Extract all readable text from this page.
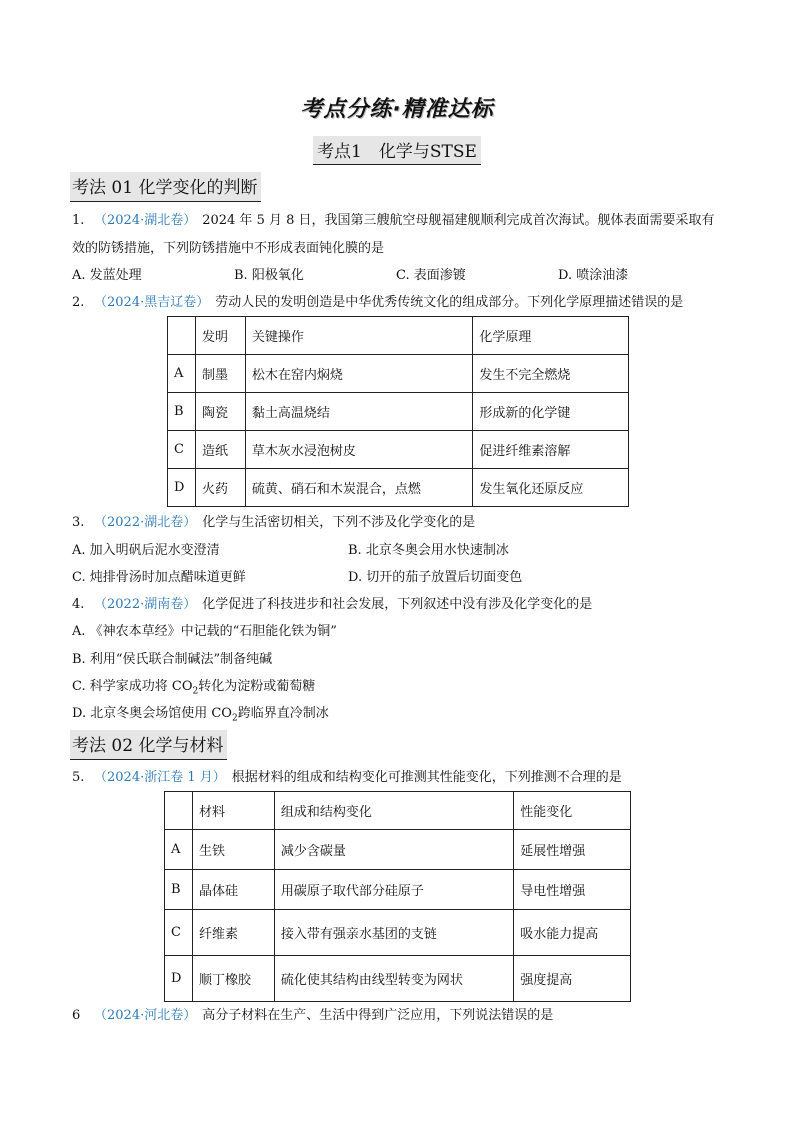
考点分练·精准达标
考点1　化学与STSE
考法 01 化学变化的判断
1. （2024·湖北卷） 2024 年 5 月 8 日，我国第三艘航空母舰福建舰顺利完成首次海试。舰体表面需要采取有
效的防锈措施，下列防锈措施中不形成表面钝化膜的是
A. 发蓝处理	B. 阳极氧化	C. 表面渗镀	D. 喷涂油漆
2. （2024·黑吉辽卷） 劳动人民的发明创造是中华优秀传统文化的组成部分。下列化学原理描述错误的是
	发明	关键操作	化学原理
A	制墨	松木在窑内焖烧	发生不完全燃烧
B	陶瓷	黏土高温烧结	形成新的化学键
C	造纸	草木灰水浸泡树皮	促进纤维素溶解
D	火药	硫黄、硝石和木炭混合，点燃	发生氧化还原反应
3. （2022·湖北卷） 化学与生活密切相关，下列不涉及化学变化的是
A. 加入明矾后泥水变澄清	B. 北京冬奥会用水快速制冰
C. 炖排骨汤时加点醋味道更鲜	D. 切开的茄子放置后切面变色
4. （2022·湖南卷） 化学促进了科技进步和社会发展，下列叙述中没有涉及化学变化的是
A. 《神农本草经》中记载的“石胆能化铁为铜”
B. 利用“侯氏联合制碱法”制备纯碱
C. 科学家成功将 $CO_2$转化为淀粉或葡萄糖
D. 北京冬奥会场馆使用 $CO_2$跨临界直冷制冰
考法 02 化学与材料
5. （2024·浙江卷 1 月） 根据材料的组成和结构变化可推测其性能变化，下列推测不合理的是
	材料	组成和结构变化	性能变化
A	生铁	减少含碳量	延展性增强
B	晶体硅	用碳原子取代部分硅原子	导电性增强
C	纤维素	接入带有强亲水基团的支链	吸水能力提高
D	顺丁橡胶	硫化使其结构由线型转变为网状	强度提高
6 （2024·河北卷） 高分子材料在生产、生活中得到广泛应用，下列说法错误的是
